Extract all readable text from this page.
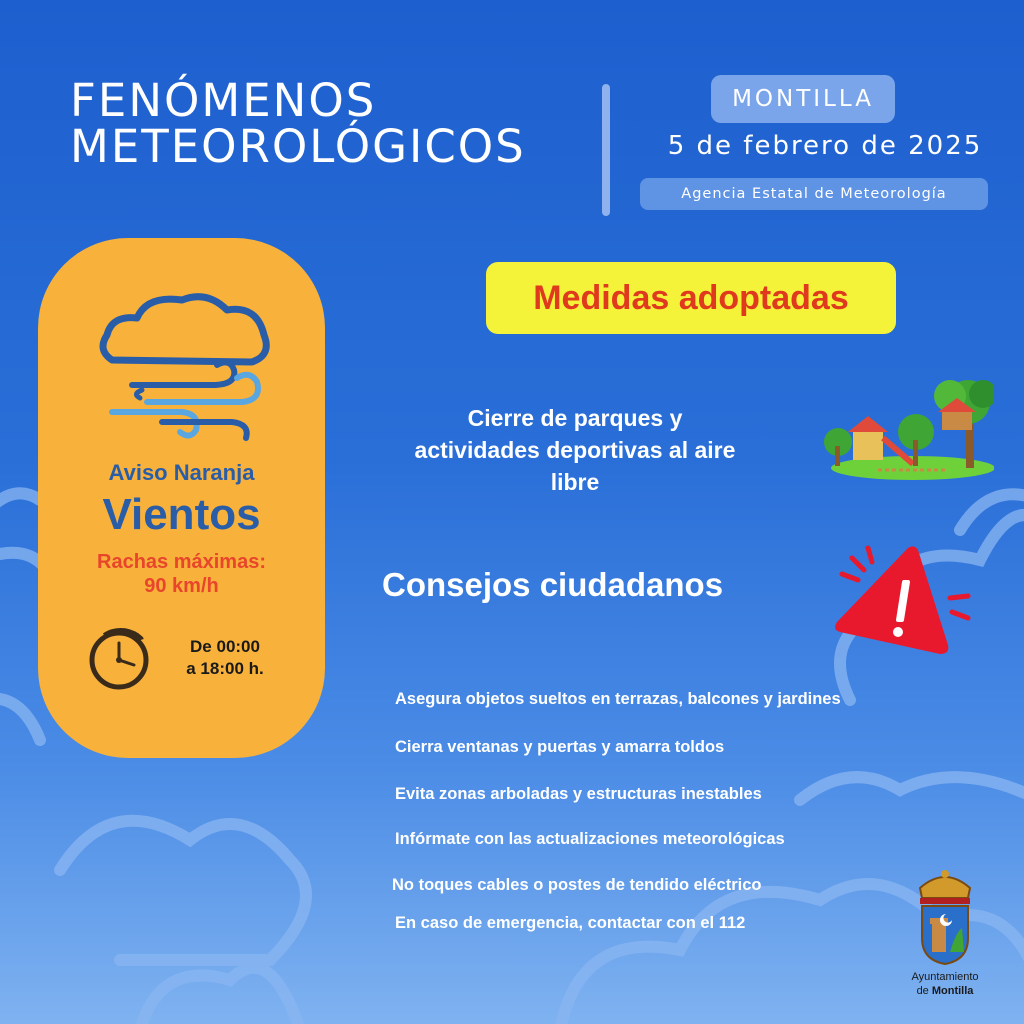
FENÓMENOS
METEOROLÓGICOS
MONTILLA
5 de febrero de 2025
Agencia Estatal de Meteorología
Aviso Naranja
Vientos
Rachas máximas:
90 km/h
De 00:00
a 18:00 h.
Medidas adoptadas
Cierre de parques y
actividades deportivas al aire
libre
Consejos ciudadanos
Asegura objetos sueltos en terrazas, balcones y jardines
Cierra ventanas y puertas y amarra toldos
Evita zonas arboladas y estructuras inestables
Infórmate con las actualizaciones meteorológicas
No toques cables o postes de tendido eléctrico
En caso de emergencia, contactar con el 112
Ayuntamiento
de Montilla
